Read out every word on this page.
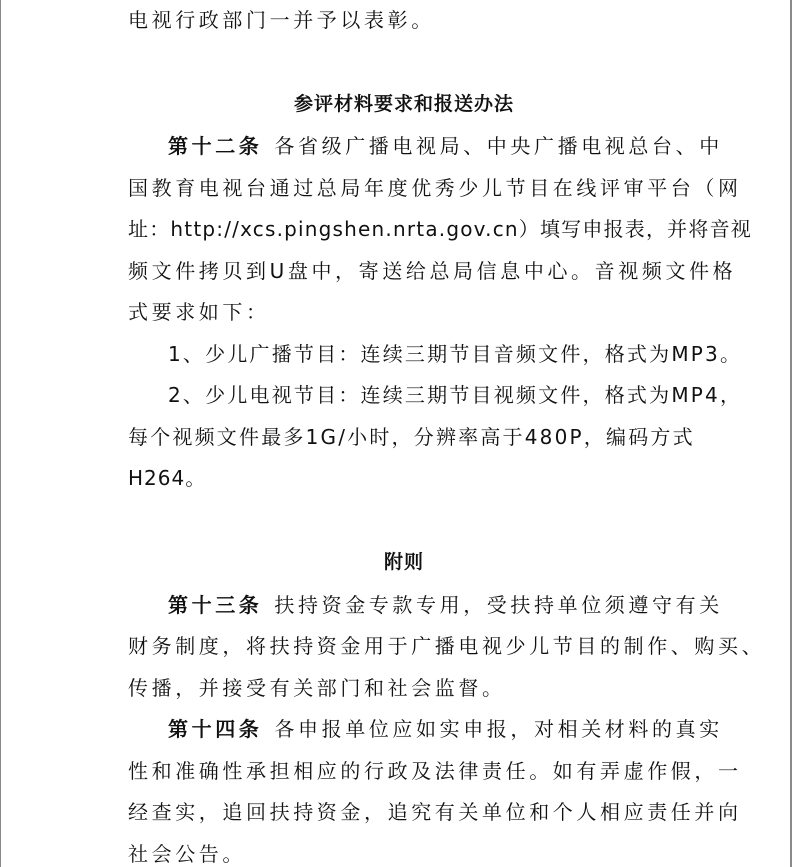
电视行政部门一并予以表彰。
参评材料要求和报送办法
第十二条 各省级广播电视局、中央广播电视总台、中
国教育电视台通过总局年度优秀少儿节目在线评审平台（网
址：http://xcs.pingshen.nrta.gov.cn）填写申报表，并将音视
频文件拷贝到U盘中，寄送给总局信息中心。音视频文件格
式要求如下：
1、少儿广播节目：连续三期节目音频文件，格式为MP3。
2、少儿电视节目：连续三期节目视频文件，格式为MP4，
每个视频文件最多1G/小时，分辨率高于480P，编码方式
H264。
附则
第十三条 扶持资金专款专用，受扶持单位须遵守有关
财务制度，将扶持资金用于广播电视少儿节目的制作、购买、
传播，并接受有关部门和社会监督。
第十四条 各申报单位应如实申报，对相关材料的真实
性和准确性承担相应的行政及法律责任。如有弄虚作假，一
经查实，追回扶持资金，追究有关单位和个人相应责任并向
社会公告。
